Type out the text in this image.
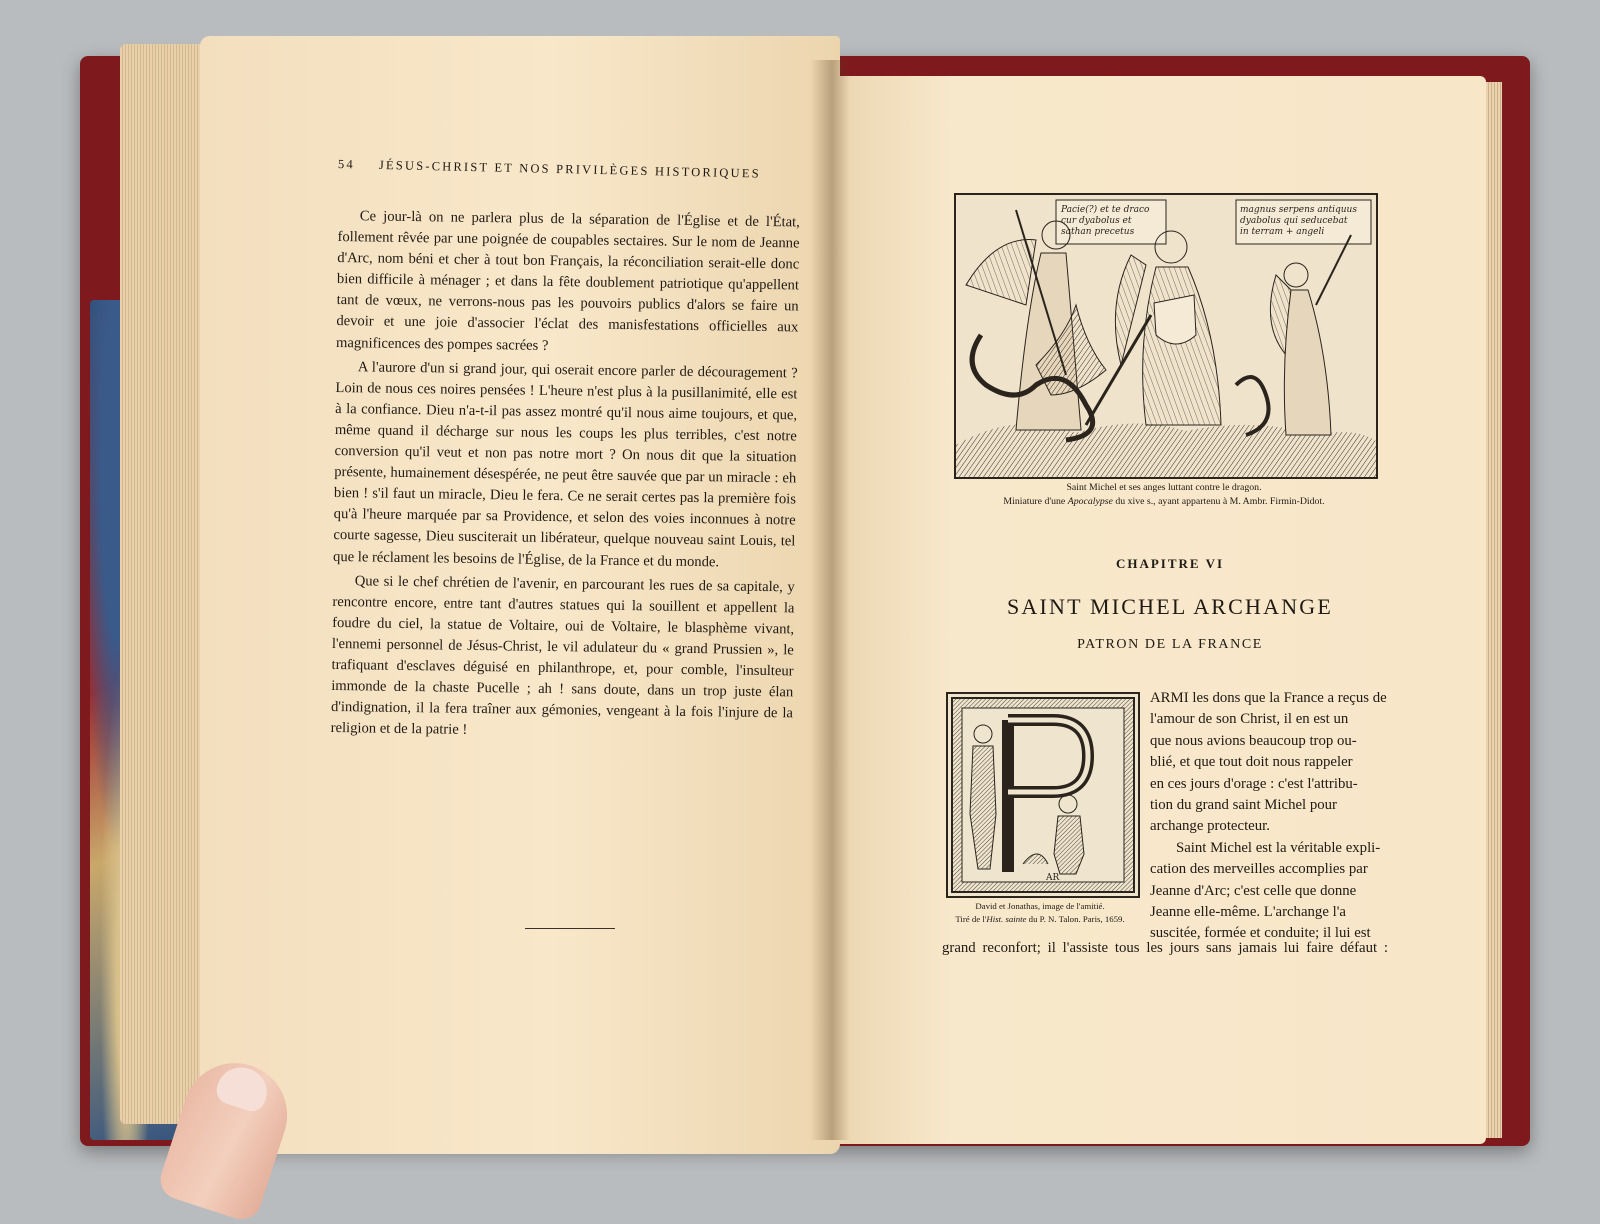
54 JÉSUS-CHRIST ET NOS PRIVILÈGES HISTORIQUES

Ce jour-là on ne parlera plus de la séparation de l'Église et de l'État, follement rêvée par une poignée de coupables sectaires. Sur le nom de Jeanne d'Arc, nom béni et cher à tout bon Français, la réconciliation serait-elle donc bien difficile à ménager ; et dans la fête doublement patriotique qu'appellent tant de vœux, ne verrons-nous pas les pouvoirs publics d'alors se faire un devoir et une joie d'associer l'éclat des manisfestations officielles aux magnificences des pompes sacrées ?

A l'aurore d'un si grand jour, qui oserait encore parler de découragement ? Loin de nous ces noires pensées ! L'heure n'est plus à la pusillanimité, elle est à la confiance. Dieu n'a-t-il pas assez montré qu'il nous aime toujours, et que, même quand il décharge sur nous les coups les plus terribles, c'est notre conversion qu'il veut et non pas notre mort ? On nous dit que la situation présente, humainement désespérée, ne peut être sauvée que par un miracle : eh bien ! s'il faut un miracle, Dieu le fera. Ce ne serait certes pas la première fois qu'à l'heure marquée par sa Providence, et selon des voies inconnues à notre courte sagesse, Dieu susciterait un libérateur, quelque nouveau saint Louis, tel que le réclament les besoins de l'Église, de la France et du monde.

Que si le chef chrétien de l'avenir, en parcourant les rues de sa capitale, y rencontre encore, entre tant d'autres statues qui la souillent et appellent la foudre du ciel, la statue de Voltaire, oui de Voltaire, le blasphème vivant, l'ennemi personnel de Jésus-Christ, le vil adulateur du « grand Prussien », le trafiquant d'esclaves déguisé en philanthrope, et, pour comble, l'insulteur immonde de la chaste Pucelle ; ah ! sans doute, dans un trop juste élan d'indignation, il la fera traîner aux gémonies, vengeant à la fois l'injure de la religion et de la patrie !

Pacie(?) et te draco
cur dyabolus et
sathan precetus
magnus serpens antiquus
dyabolus qui seducebat
in terram + angeli
Saint Michel et ses anges luttant contre le dragon.
Miniature d'une Apocalypse du xive s., ayant appartenu à M. Ambr. Firmin-Didot.
CHAPITRE VI
SAINT MICHEL ARCHANGE
PATRON DE LA FRANCE
AR
David et Jonathas, image de l'amitié.
Tiré de l'Hist. sainte du P. N. Talon. Paris, 1659.
ARMI les dons que la France a reçus de
l'amour de son Christ, il en est un
que nous avions beaucoup trop ou-
blié, et que tout doit nous rappeler
en ces jours d'orage : c'est l'attribu-
tion du grand saint Michel pour
archange protecteur.
Saint Michel est la véritable expli-
cation des merveilles accomplies par
Jeanne d'Arc; c'est celle que donne
Jeanne elle-même. L'archange l'a
suscitée, formée et conduite; il lui est
grand reconfort; il l'assiste tous les jours sans jamais lui faire défaut :
